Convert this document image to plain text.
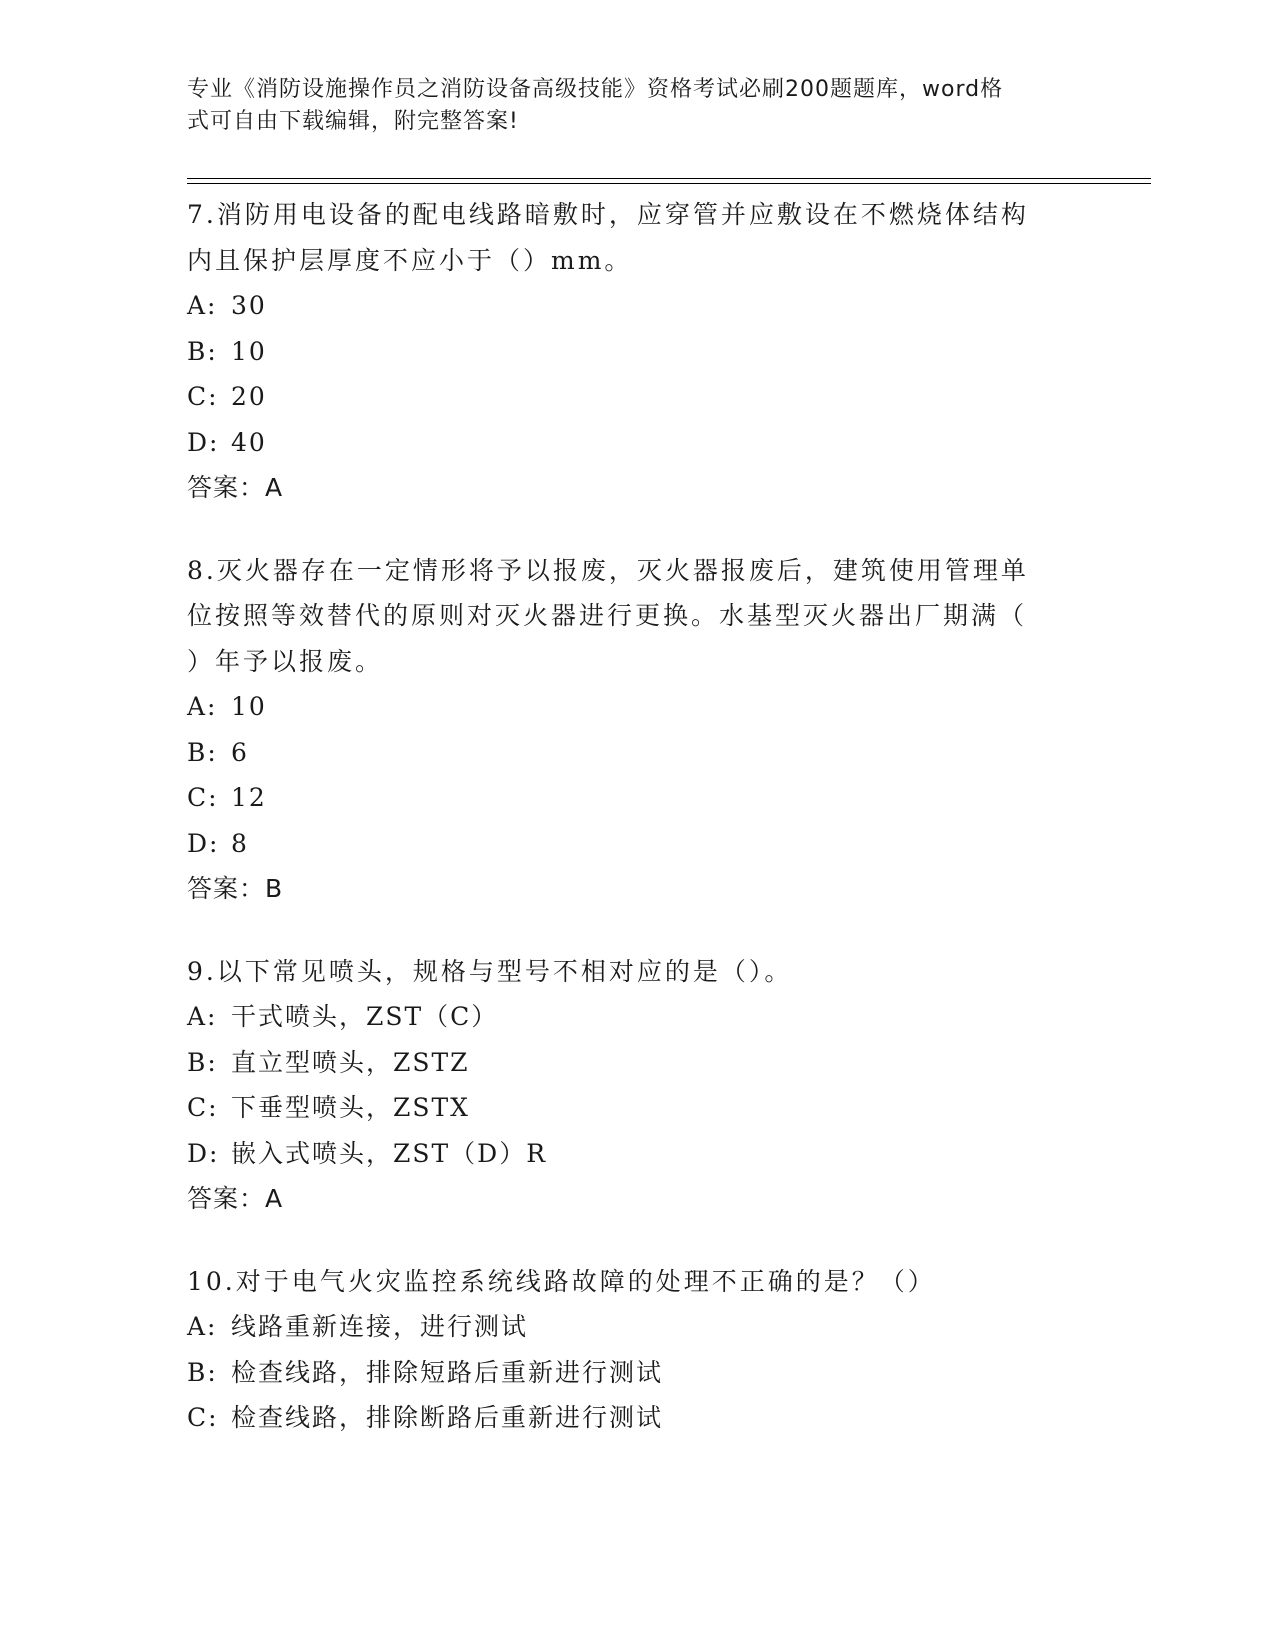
专业《消防设施操作员之消防设备高级技能》资格考试必刷200题题库，word格
式可自由下载编辑，附完整答案!
7.消防用电设备的配电线路暗敷时，应穿管并应敷设在不燃烧体结构
内且保护层厚度不应小于（）mm。
A: 30
B: 10
C: 20
D: 40
答案：A
8.灭火器存在一定情形将予以报废，灭火器报废后，建筑使用管理单
位按照等效替代的原则对灭火器进行更换。水基型灭火器出厂期满（
）年予以报废。
A: 10
B: 6
C: 12
D: 8
答案：B
9.以下常见喷头，规格与型号不相对应的是（）。
A: 干式喷头，ZST（C）
B: 直立型喷头，ZSTZ
C: 下垂型喷头，ZSTX
D: 嵌入式喷头，ZST（D）R
答案：A
10.对于电气火灾监控系统线路故障的处理不正确的是？（）
A: 线路重新连接，进行测试
B: 检查线路，排除短路后重新进行测试
C: 检查线路，排除断路后重新进行测试
